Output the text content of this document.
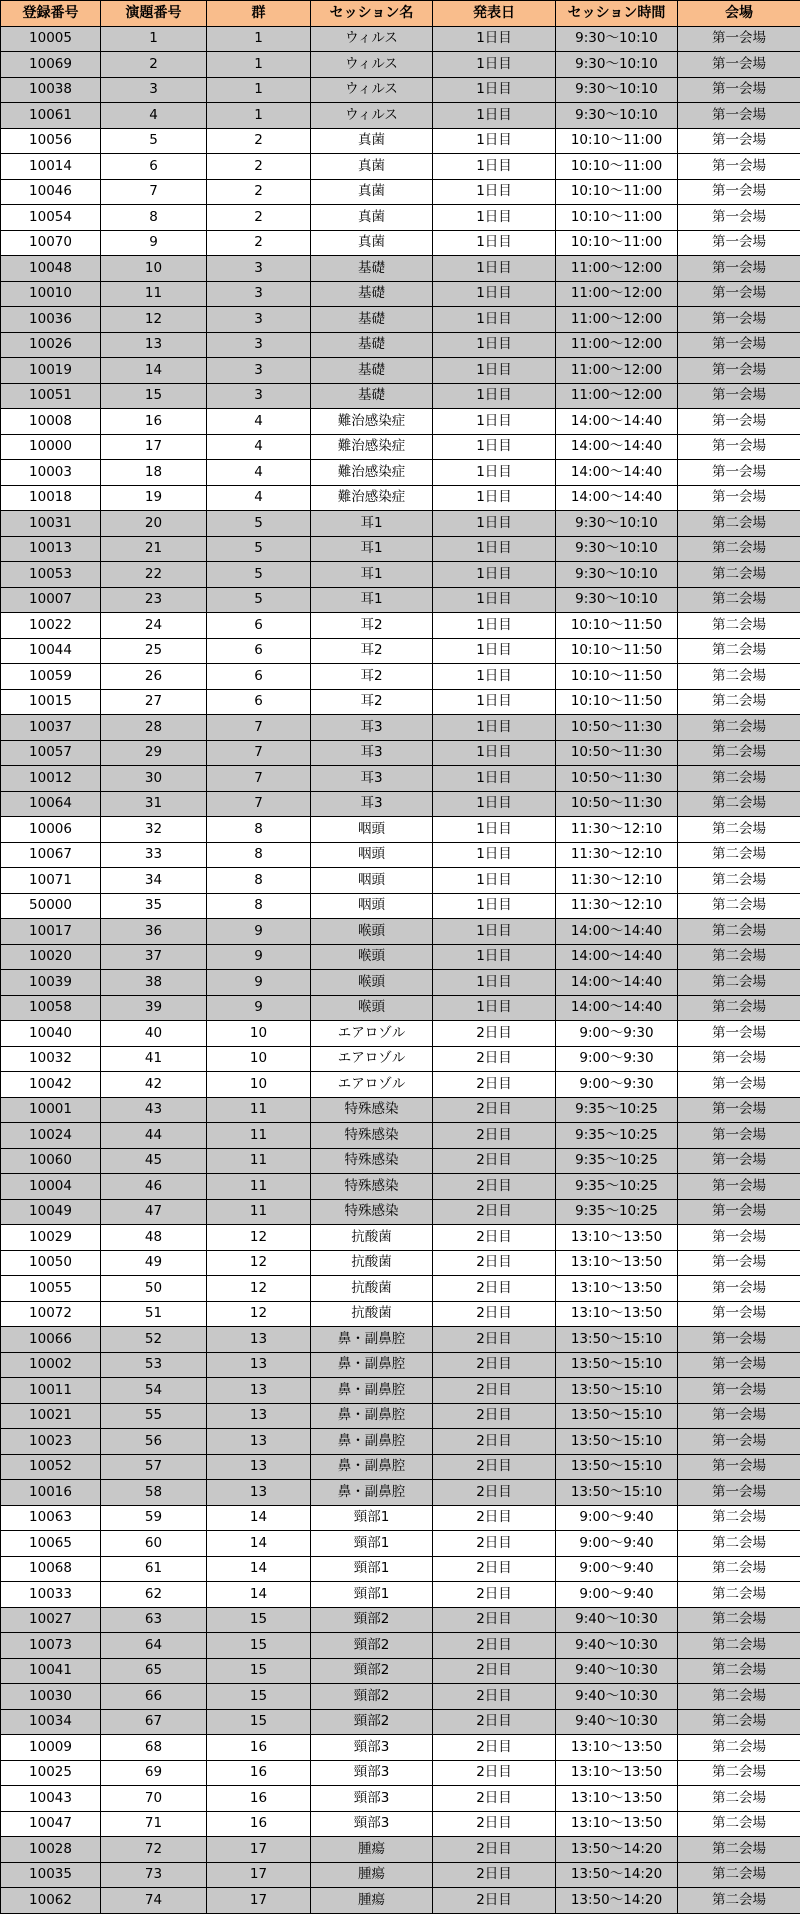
登録番号	演題番号	群	セッション名	発表日	セッション時間	会場
10005	1	1	ウィルス	1日目	9:30～10:10	第一会場
10069	2	1	ウィルス	1日目	9:30～10:10	第一会場
10038	3	1	ウィルス	1日目	9:30～10:10	第一会場
10061	4	1	ウィルス	1日目	9:30～10:10	第一会場
10056	5	2	真菌	1日目	10:10～11:00	第一会場
10014	6	2	真菌	1日目	10:10～11:00	第一会場
10046	7	2	真菌	1日目	10:10～11:00	第一会場
10054	8	2	真菌	1日目	10:10～11:00	第一会場
10070	9	2	真菌	1日目	10:10～11:00	第一会場
10048	10	3	基礎	1日目	11:00～12:00	第一会場
10010	11	3	基礎	1日目	11:00～12:00	第一会場
10036	12	3	基礎	1日目	11:00～12:00	第一会場
10026	13	3	基礎	1日目	11:00～12:00	第一会場
10019	14	3	基礎	1日目	11:00～12:00	第一会場
10051	15	3	基礎	1日目	11:00～12:00	第一会場
10008	16	4	難治感染症	1日目	14:00～14:40	第一会場
10000	17	4	難治感染症	1日目	14:00～14:40	第一会場
10003	18	4	難治感染症	1日目	14:00～14:40	第一会場
10018	19	4	難治感染症	1日目	14:00～14:40	第一会場
10031	20	5	耳1	1日目	9:30～10:10	第二会場
10013	21	5	耳1	1日目	9:30～10:10	第二会場
10053	22	5	耳1	1日目	9:30～10:10	第二会場
10007	23	5	耳1	1日目	9:30～10:10	第二会場
10022	24	6	耳2	1日目	10:10～11:50	第二会場
10044	25	6	耳2	1日目	10:10～11:50	第二会場
10059	26	6	耳2	1日目	10:10～11:50	第二会場
10015	27	6	耳2	1日目	10:10～11:50	第二会場
10037	28	7	耳3	1日目	10:50～11:30	第二会場
10057	29	7	耳3	1日目	10:50～11:30	第二会場
10012	30	7	耳3	1日目	10:50～11:30	第二会場
10064	31	7	耳3	1日目	10:50～11:30	第二会場
10006	32	8	咽頭	1日目	11:30～12:10	第二会場
10067	33	8	咽頭	1日目	11:30～12:10	第二会場
10071	34	8	咽頭	1日目	11:30～12:10	第二会場
50000	35	8	咽頭	1日目	11:30～12:10	第二会場
10017	36	9	喉頭	1日目	14:00～14:40	第二会場
10020	37	9	喉頭	1日目	14:00～14:40	第二会場
10039	38	9	喉頭	1日目	14:00～14:40	第二会場
10058	39	9	喉頭	1日目	14:00～14:40	第二会場
10040	40	10	エアロゾル	2日目	9:00～9:30	第一会場
10032	41	10	エアロゾル	2日目	9:00～9:30	第一会場
10042	42	10	エアロゾル	2日目	9:00～9:30	第一会場
10001	43	11	特殊感染	2日目	9:35～10:25	第一会場
10024	44	11	特殊感染	2日目	9:35～10:25	第一会場
10060	45	11	特殊感染	2日目	9:35～10:25	第一会場
10004	46	11	特殊感染	2日目	9:35～10:25	第一会場
10049	47	11	特殊感染	2日目	9:35～10:25	第一会場
10029	48	12	抗酸菌	2日目	13:10～13:50	第一会場
10050	49	12	抗酸菌	2日目	13:10～13:50	第一会場
10055	50	12	抗酸菌	2日目	13:10～13:50	第一会場
10072	51	12	抗酸菌	2日目	13:10～13:50	第一会場
10066	52	13	鼻・副鼻腔	2日目	13:50～15:10	第一会場
10002	53	13	鼻・副鼻腔	2日目	13:50～15:10	第一会場
10011	54	13	鼻・副鼻腔	2日目	13:50～15:10	第一会場
10021	55	13	鼻・副鼻腔	2日目	13:50～15:10	第一会場
10023	56	13	鼻・副鼻腔	2日目	13:50～15:10	第一会場
10052	57	13	鼻・副鼻腔	2日目	13:50～15:10	第一会場
10016	58	13	鼻・副鼻腔	2日目	13:50～15:10	第一会場
10063	59	14	頸部1	2日目	9:00～9:40	第二会場
10065	60	14	頸部1	2日目	9:00～9:40	第二会場
10068	61	14	頸部1	2日目	9:00～9:40	第二会場
10033	62	14	頸部1	2日目	9:00～9:40	第二会場
10027	63	15	頸部2	2日目	9:40～10:30	第二会場
10073	64	15	頸部2	2日目	9:40～10:30	第二会場
10041	65	15	頸部2	2日目	9:40～10:30	第二会場
10030	66	15	頸部2	2日目	9:40～10:30	第二会場
10034	67	15	頸部2	2日目	9:40～10:30	第二会場
10009	68	16	頸部3	2日目	13:10～13:50	第二会場
10025	69	16	頸部3	2日目	13:10～13:50	第二会場
10043	70	16	頸部3	2日目	13:10～13:50	第二会場
10047	71	16	頸部3	2日目	13:10～13:50	第二会場
10028	72	17	腫瘍	2日目	13:50～14:20	第二会場
10035	73	17	腫瘍	2日目	13:50～14:20	第二会場
10062	74	17	腫瘍	2日目	13:50～14:20	第二会場
